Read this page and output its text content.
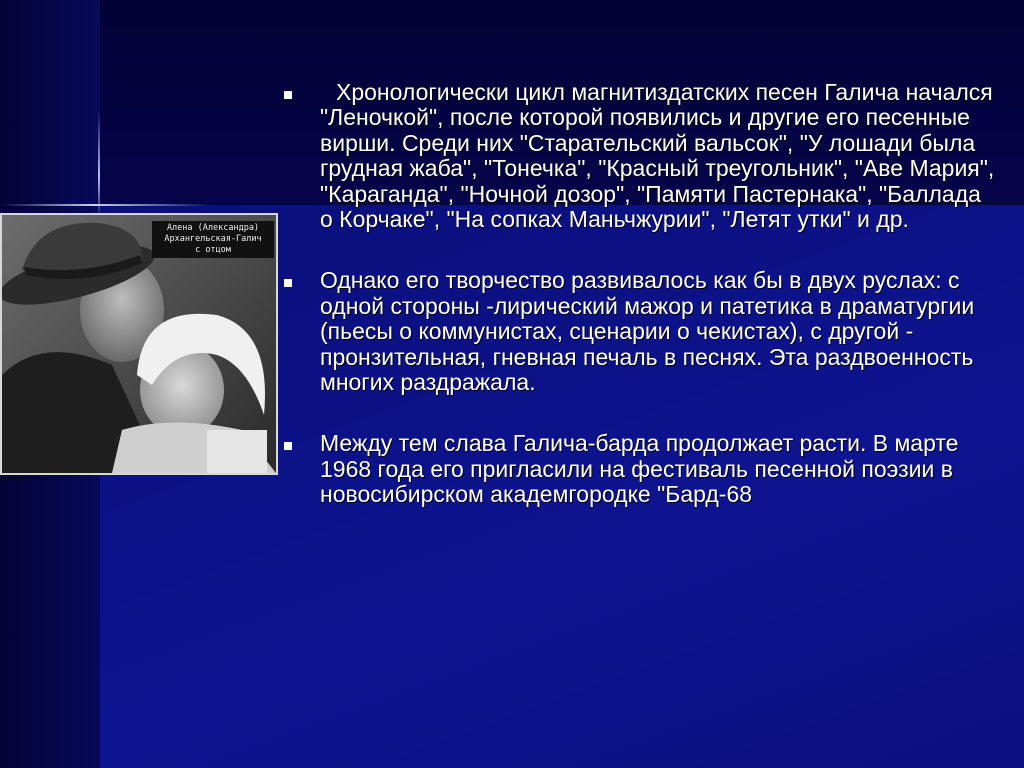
Алена (Александра)
Архангельская-Галич
с отцом
Хронологически цикл магнитиздатских песен Галича начался "Леночкой", после которой появились и другие его песенные вирши. Среди них "Старательский вальсок", "У лошади была грудная жаба", "Тонечка", "Красный треугольник", "Аве Мария", "Караганда", "Ночной дозор", "Памяти Пастернака", "Баллада о Корчаке", "На сопках Маньчжурии", "Летят утки" и др.
Однако его творчество развивалось как бы в двух руслах: с одной стороны -лирический мажор и патетика в драматургии (пьесы о коммунистах, сценарии о чекистах), с другой - пронзительная, гневная печаль в песнях. Эта раздвоенность многих раздражала.
Между тем слава Галича-барда продолжает расти. В марте 1968 года его пригласили на фестиваль песенной поэзии в новосибирском академгородке "Бард-68
